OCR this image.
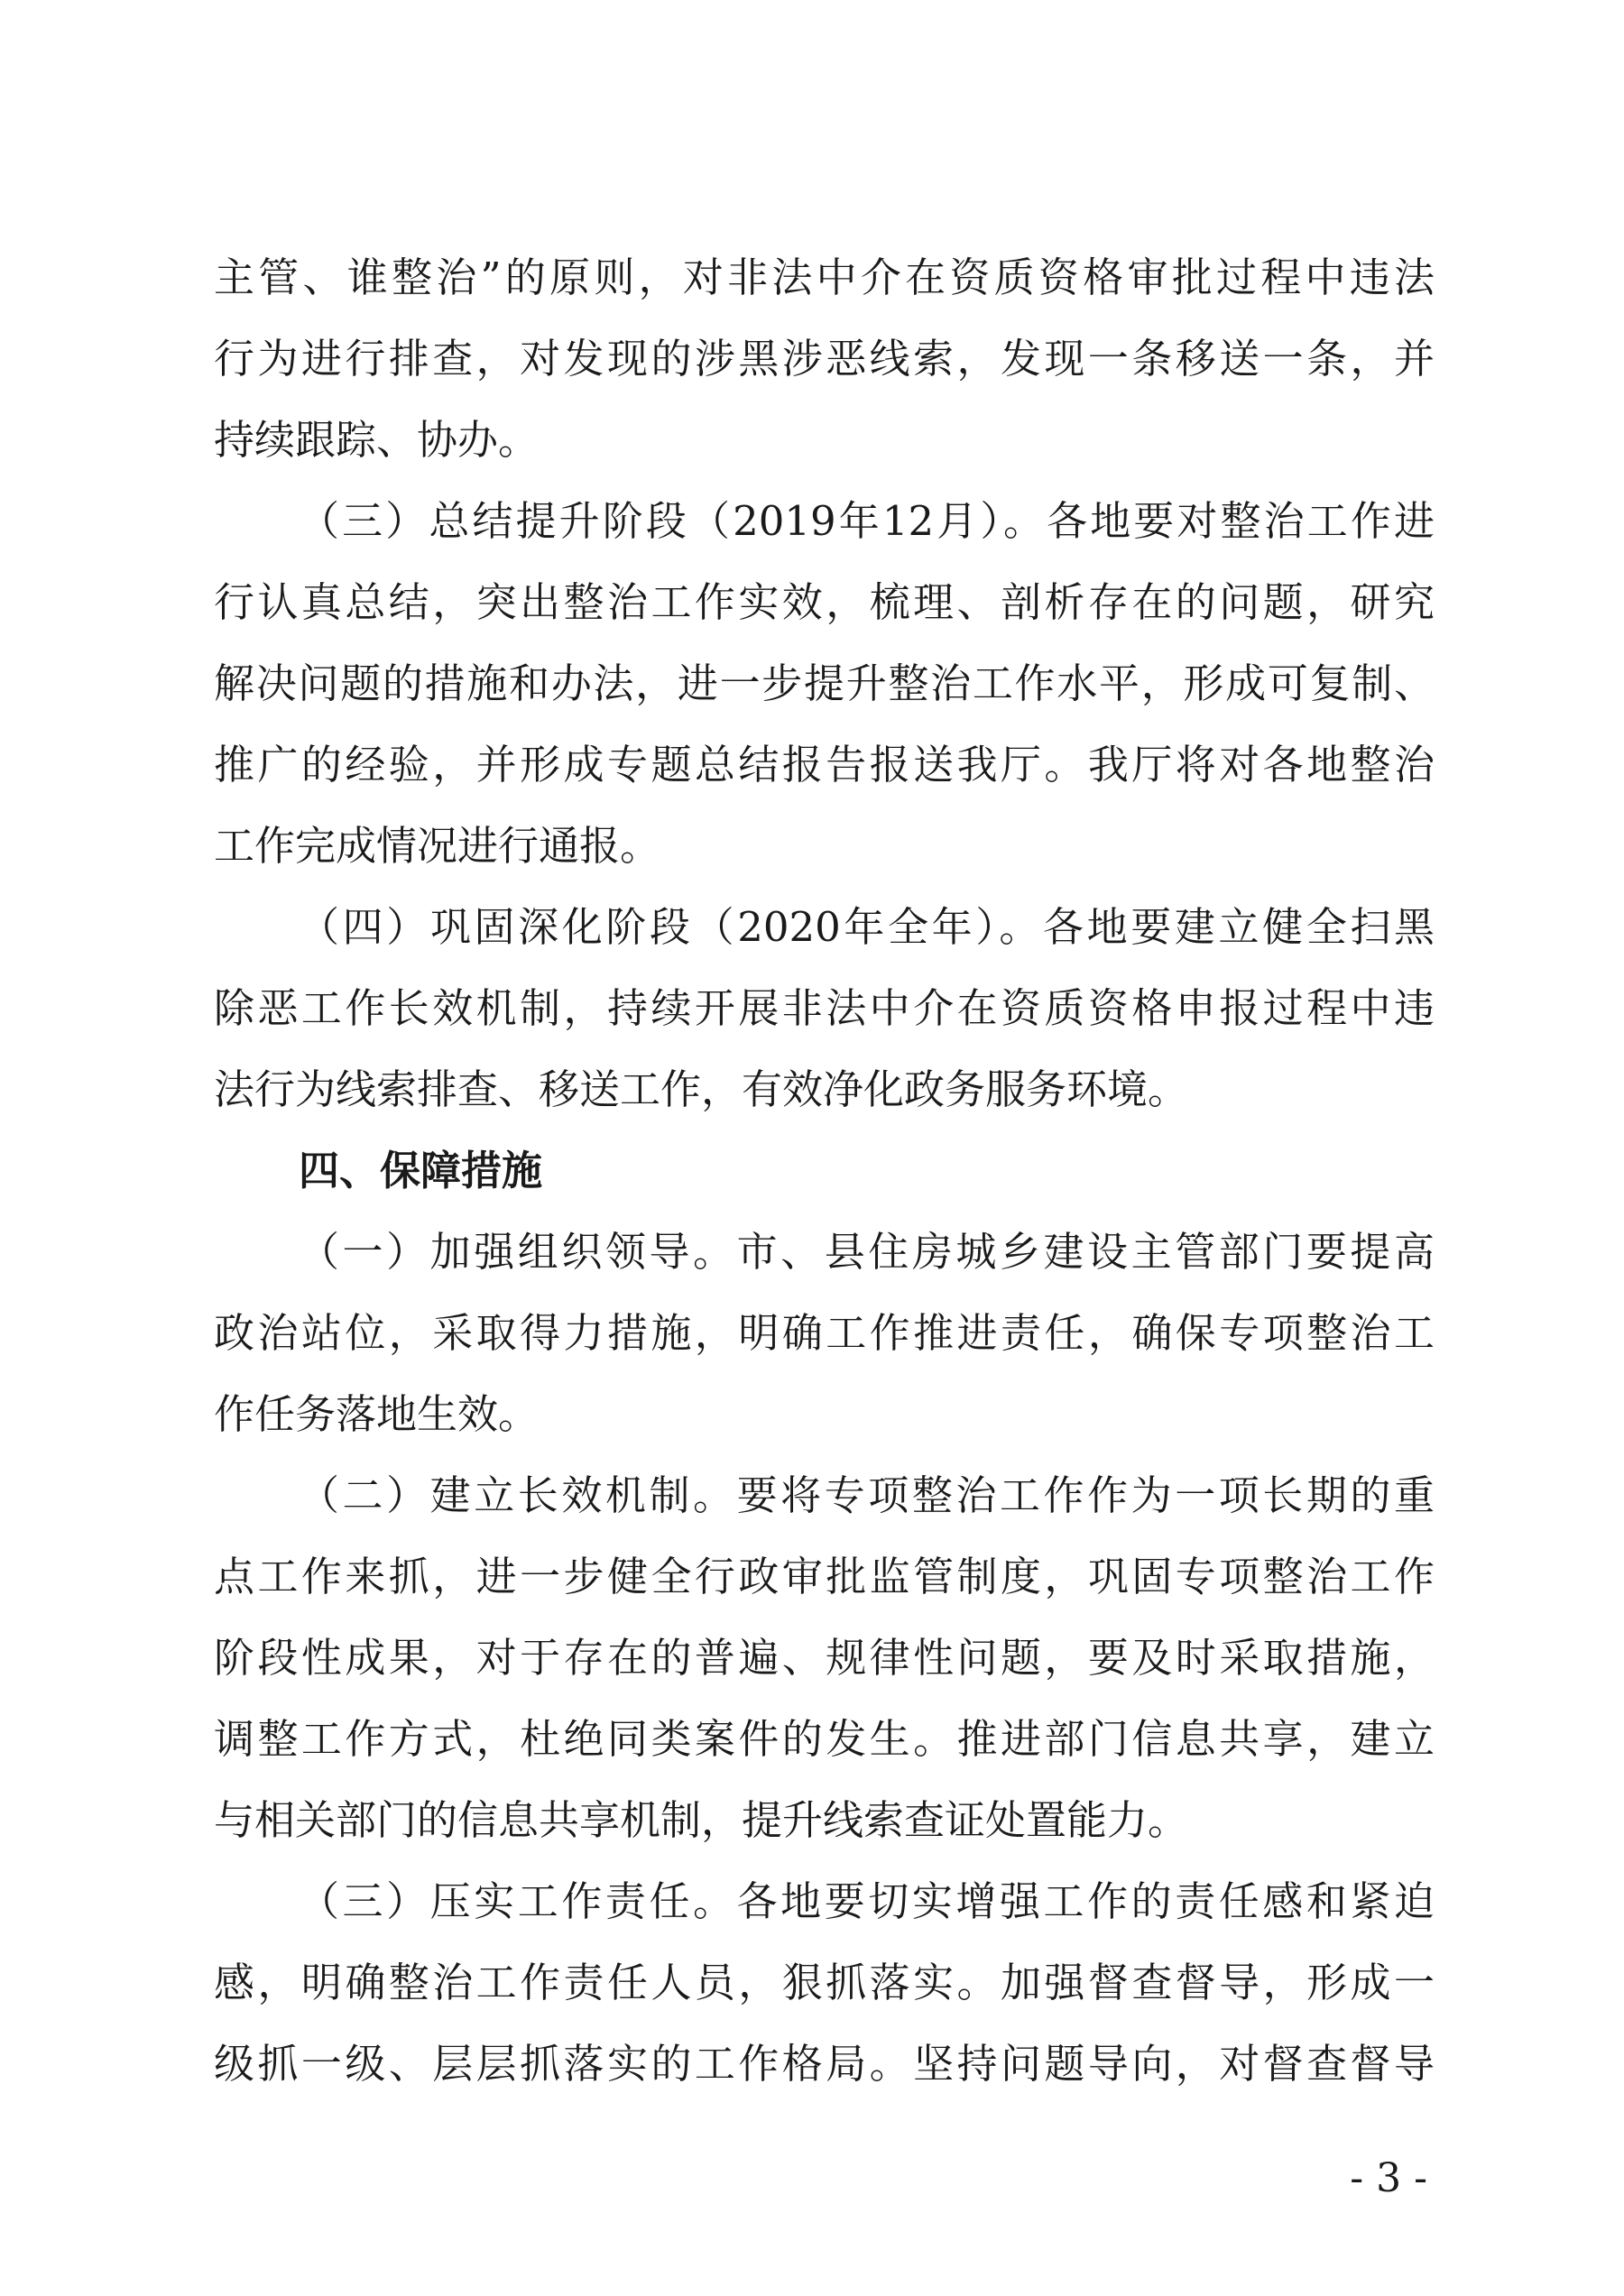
主管、谁整治”的原则，对非法中介在资质资格审批过程中违法
行为进行排查，对发现的涉黑涉恶线索，发现一条移送一条，并
持续跟踪、协办。
（三）总结提升阶段（2019年12月）。各地要对整治工作进
行认真总结，突出整治工作实效，梳理、剖析存在的问题，研究
解决问题的措施和办法，进一步提升整治工作水平，形成可复制、
推广的经验，并形成专题总结报告报送我厅。我厅将对各地整治
工作完成情况进行通报。
（四）巩固深化阶段（2020年全年）。各地要建立健全扫黑
除恶工作长效机制，持续开展非法中介在资质资格申报过程中违
法行为线索排查、移送工作，有效净化政务服务环境。
四、保障措施
（一）加强组织领导。市、县住房城乡建设主管部门要提高
政治站位，采取得力措施，明确工作推进责任，确保专项整治工
作任务落地生效。
（二）建立长效机制。要将专项整治工作作为一项长期的重
点工作来抓，进一步健全行政审批监管制度，巩固专项整治工作
阶段性成果，对于存在的普遍、规律性问题，要及时采取措施，
调整工作方式，杜绝同类案件的发生。推进部门信息共享，建立
与相关部门的信息共享机制，提升线索查证处置能力。
（三）压实工作责任。各地要切实增强工作的责任感和紧迫
感，明确整治工作责任人员，狠抓落实。加强督查督导，形成一
级抓一级、层层抓落实的工作格局。坚持问题导向，对督查督导
- 3 -
